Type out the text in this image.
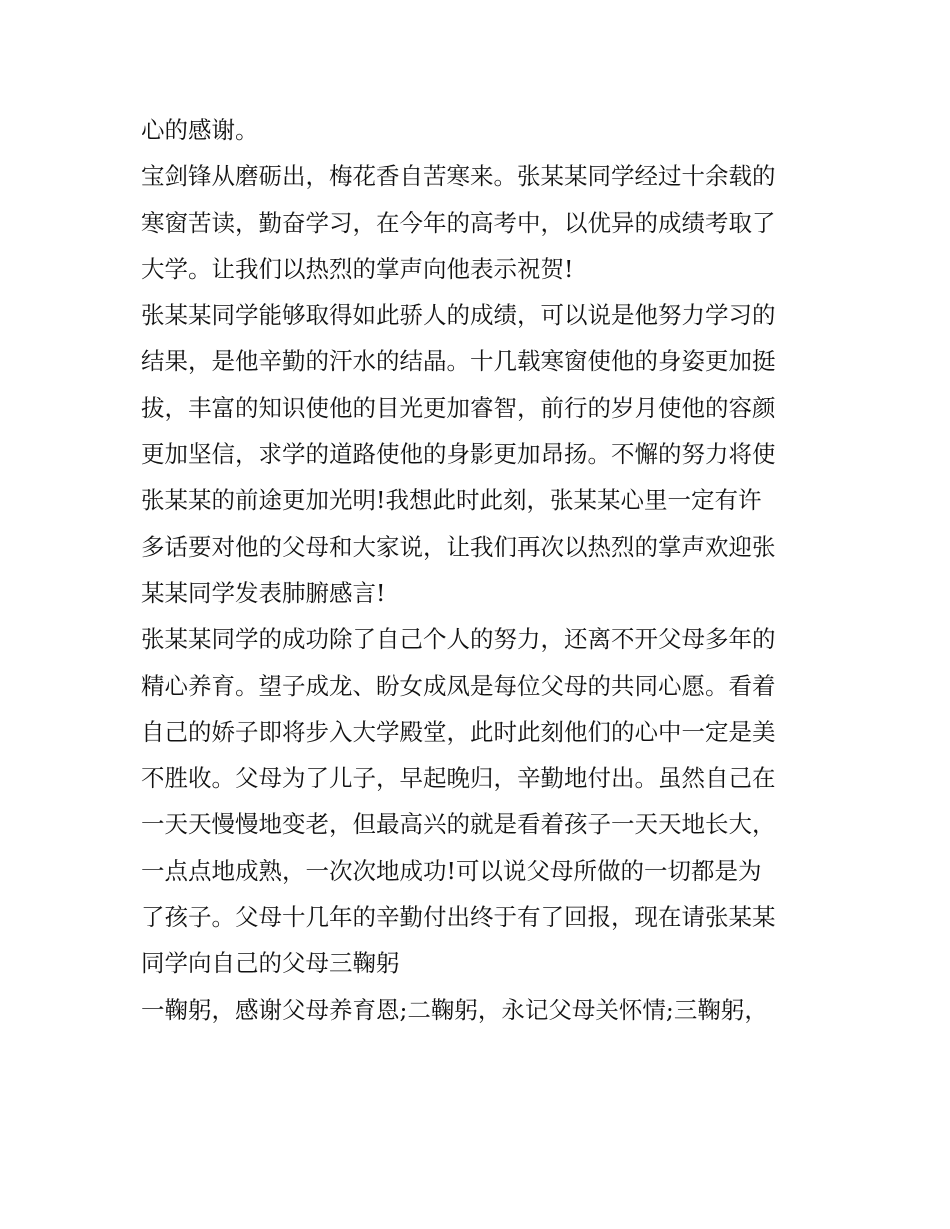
心的感谢。
宝剑锋从磨砺出，梅花香自苦寒来。张某某同学经过十余载的
寒窗苦读，勤奋学习，在今年的高考中，以优异的成绩考取了
大学。让我们以热烈的掌声向他表示祝贺!
张某某同学能够取得如此骄人的成绩，可以说是他努力学习的
结果，是他辛勤的汗水的结晶。十几载寒窗使他的身姿更加挺
拔，丰富的知识使他的目光更加睿智，前行的岁月使他的容颜
更加坚信，求学的道路使他的身影更加昂扬。不懈的努力将使
张某某的前途更加光明!我想此时此刻，张某某心里一定有许
多话要对他的父母和大家说，让我们再次以热烈的掌声欢迎张
某某同学发表肺腑感言!
张某某同学的成功除了自己个人的努力，还离不开父母多年的
精心养育。望子成龙、盼女成凤是每位父母的共同心愿。看着
自己的娇子即将步入大学殿堂，此时此刻他们的心中一定是美
不胜收。父母为了儿子，早起晚归，辛勤地付出。虽然自己在
一天天慢慢地变老，但最高兴的就是看着孩子一天天地长大，
一点点地成熟，一次次地成功!可以说父母所做的一切都是为
了孩子。父母十几年的辛勤付出终于有了回报，现在请张某某
同学向自己的父母三鞠躬
一鞠躬，感谢父母养育恩;二鞠躬，永记父母关怀情;三鞠躬，
